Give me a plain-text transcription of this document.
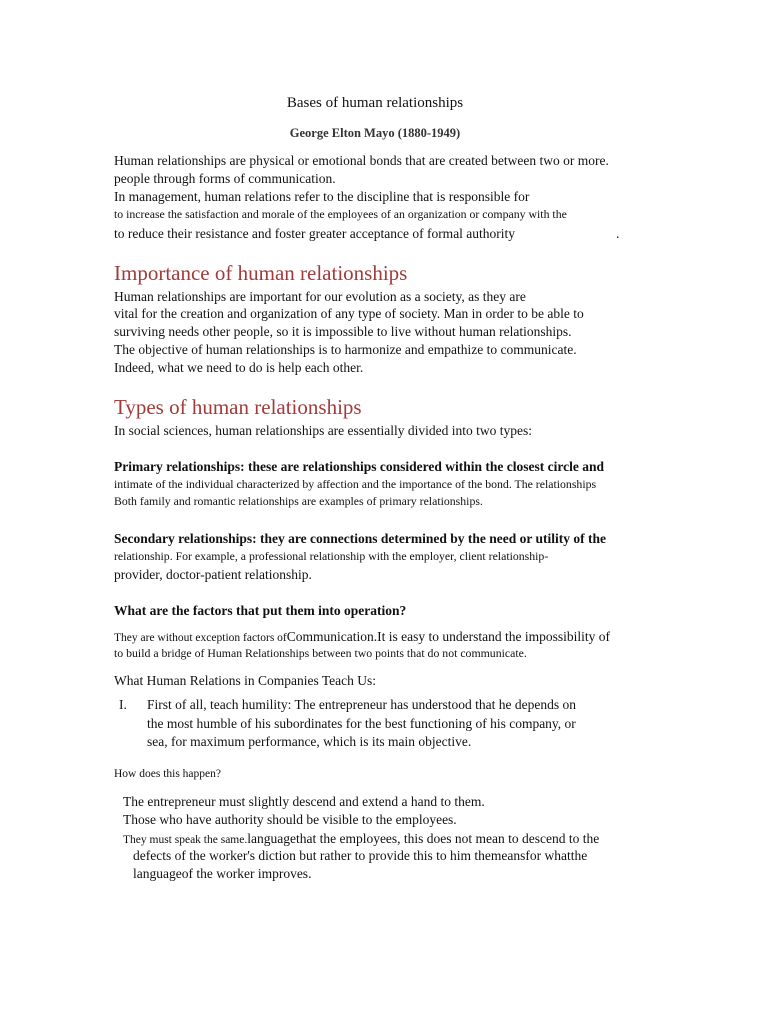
Bases of human relationships
George Elton Mayo (1880-1949)
Human relationships are physical or emotional bonds that are created between two or more.
people through forms of communication.
In management, human relations refer to the discipline that is responsible for
to increase the satisfaction and morale of the employees of an organization or company with the
to reduce their resistance and foster greater acceptance of formal authority	.
Importance of human relationships
Human relationships are important for our evolution as a society, as they are
vital for the creation and organization of any type of society. Man in order to be able to
surviving needs other people, so it is impossible to live without human relationships.
The objective of human relationships is to harmonize and empathize to communicate.
Indeed, what we need to do is help each other.
Types of human relationships
In social sciences, human relationships are essentially divided into two types:
Primary relationships: these are relationships considered within the closest circle and
intimate of the individual characterized by affection and the importance of the bond. The relationships
Both family and romantic relationships are examples of primary relationships.
Secondary relationships: they are connections determined by the need or utility of the
relationship. For example, a professional relationship with the employer, client relationship-
provider, doctor-patient relationship.
What are the factors that put them into operation?
They are without exception factors ofCommunication.It is easy to understand the impossibility of
to build a bridge of Human Relationships between two points that do not communicate.
What Human Relations in Companies Teach Us:
I. First of all, teach humility: The entrepreneur has understood that he depends on
the most humble of his subordinates for the best functioning of his company, or
sea, for maximum performance, which is its main objective.
How does this happen?
The entrepreneur must slightly descend and extend a hand to them.
Those who have authority should be visible to the employees.
They must speak the same.languagethat the employees, this does not mean to descend to the
defects of the worker's diction but rather to provide this to him themeansfor whatthe
languageof the worker improves.
